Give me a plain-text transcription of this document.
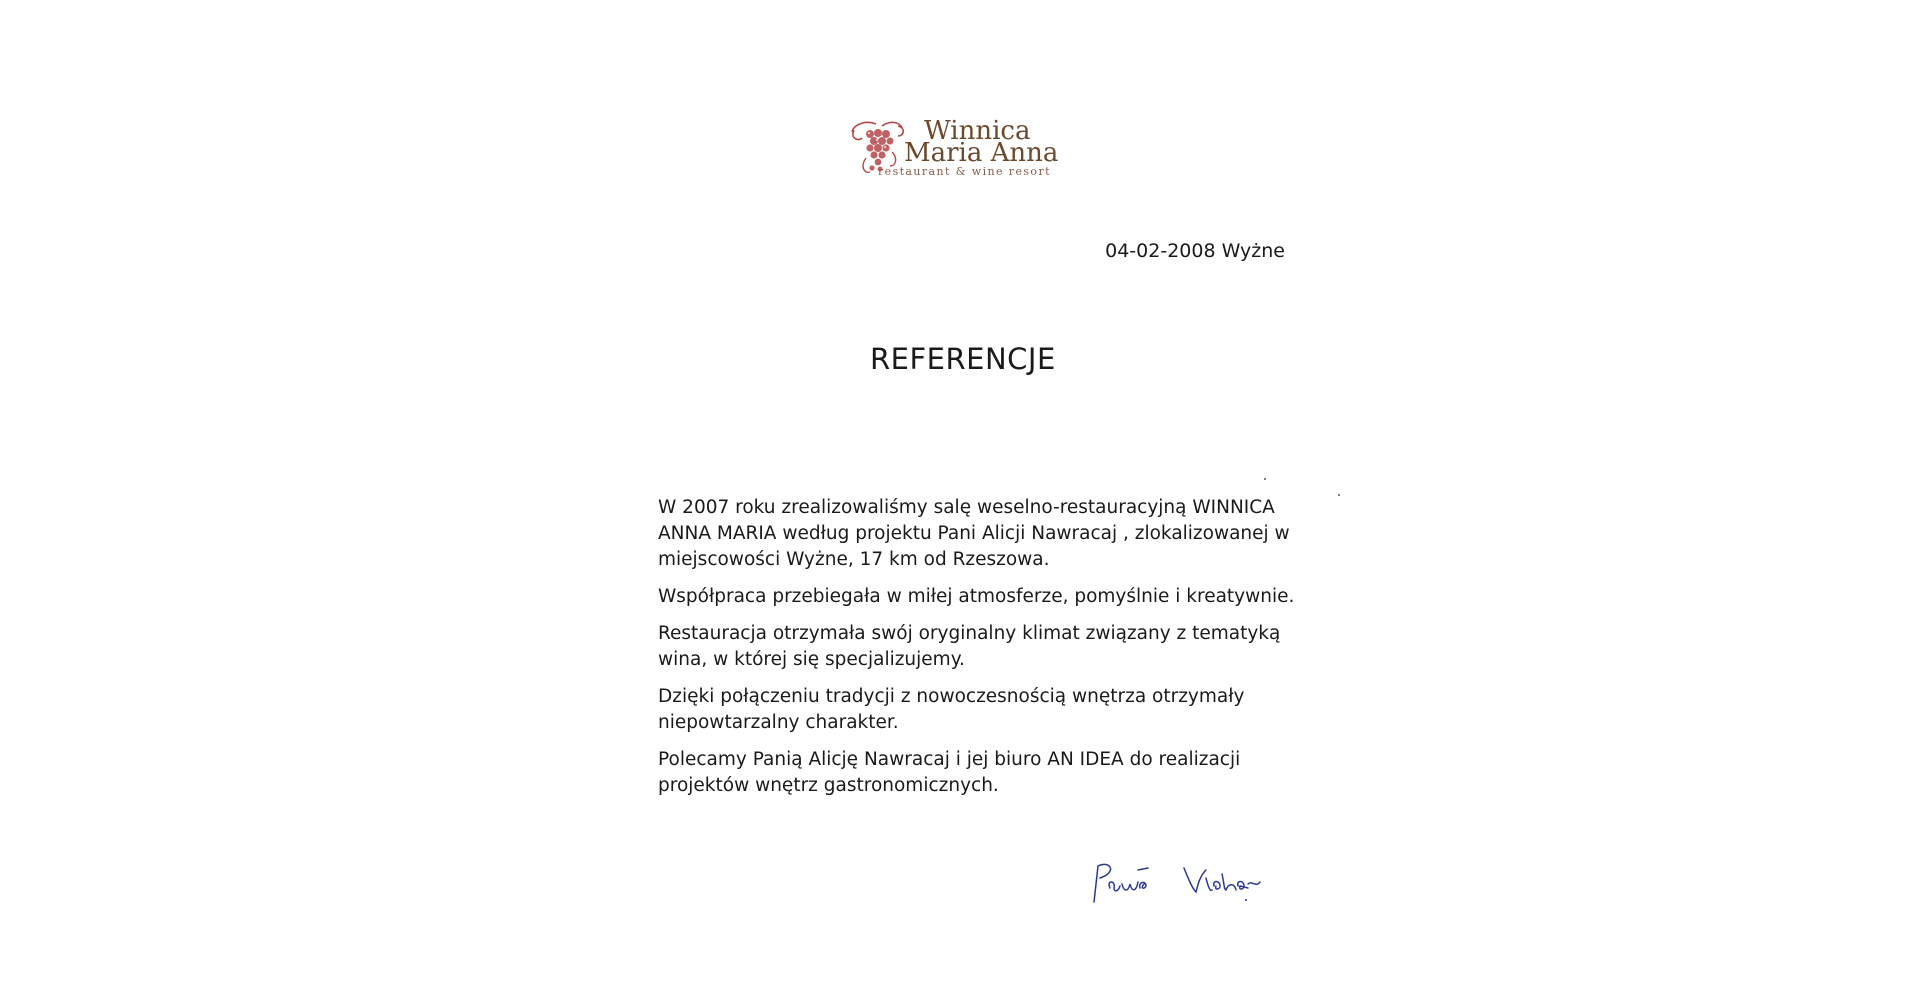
Winnica
Maria Anna
restaurant & wine resort
04-02-2008 Wyżne
REFERENCJE

W 2007 roku zrealizowaliśmy salę weselno-restauracyjną WINNICA ANNA MARIA według projektu Pani Alicji Nawracaj , zlokalizowanej w miejscowości Wyżne, 17 km od Rzeszowa.

Współpraca przebiegała w miłej atmosferze, pomyślnie i kreatywnie.

Restauracja otrzymała swój oryginalny klimat związany z tematyką wina, w której się specjalizujemy.

Dzięki połączeniu tradycji z nowoczesnością wnętrza otrzymały niepowtarzalny charakter.

Polecamy Panią Alicję Nawracaj i jej biuro AN IDEA do realizacji projektów wnętrz gastronomicznych.
